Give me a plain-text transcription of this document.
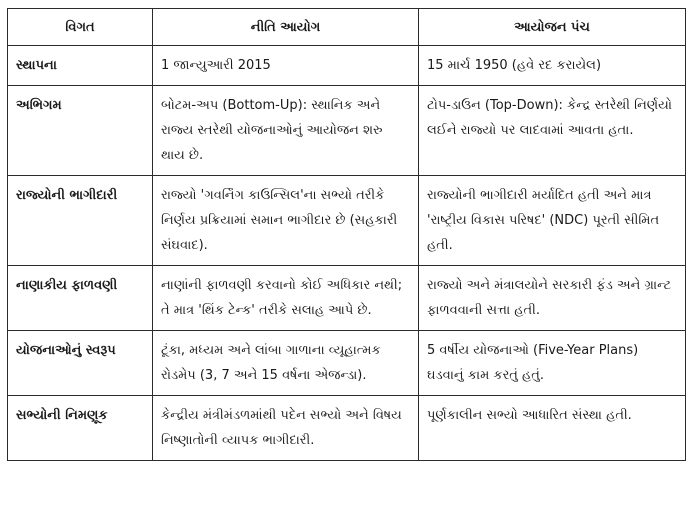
વિગત	નીતિ આયોગ	આયોજન પંચ
સ્થાપના	1 જાન્યુઆરી 2015	15 માર્ચ 1950 (હવે રદ કરાયેલ)
અભિગમ	બોટમ-અપ (Bottom-Up): સ્થાનિક અને રાજ્ય સ્તરેથી યોજનાઓનું આયોજન શરુ થાય છે.	ટોપ-ડાઉન (Top-Down): કેન્દ્ર સ્તરેથી નિર્ણયો લઈને રાજ્યો પર લાદવામાં આવતા હતા.
રાજ્યોની ભાગીદારી	રાજ્યો 'ગવર્નિંગ કાઉન્સિલ'ના સભ્યો તરીકે નિર્ણય પ્રક્રિયામાં સમાન ભાગીદાર છે (સહકારી સંઘવાદ).	રાજ્યોની ભાગીદારી મર્યાદિત હતી અને માત્ર 'રાષ્ટ્રીય વિકાસ પરિષદ' (NDC) પૂરતી સીમિત હતી.
નાણાકીય ફાળવણી	નાણાંની ફાળવણી કરવાનો કોઈ અધિકાર નથી; તે માત્ર 'થિંક ટેન્ક' તરીકે સલાહ આપે છે.	રાજ્યો અને મંત્રાલયોને સરકારી ફંડ અને ગ્રાન્ટ ફાળવવાની સત્તા હતી.
યોજનાઓનું સ્વરૂપ	ટૂંકા, મધ્યમ અને લાંબા ગાળાના વ્યૂહાત્મક રોડમેપ (3, 7 અને 15 વર્ષના એજન્ડા).	5 વર્ષીય યોજનાઓ (Five-Year Plans) ઘડવાનું કામ કરતું હતું.
સભ્યોની નિમણૂક	કેન્દ્રીય મંત્રીમંડળમાંથી પદેન સભ્યો અને વિષય નિષ્ણાતોની વ્યાપક ભાગીદારી.	પૂર્ણકાલીન સભ્યો આધારિત સંસ્થા હતી.
